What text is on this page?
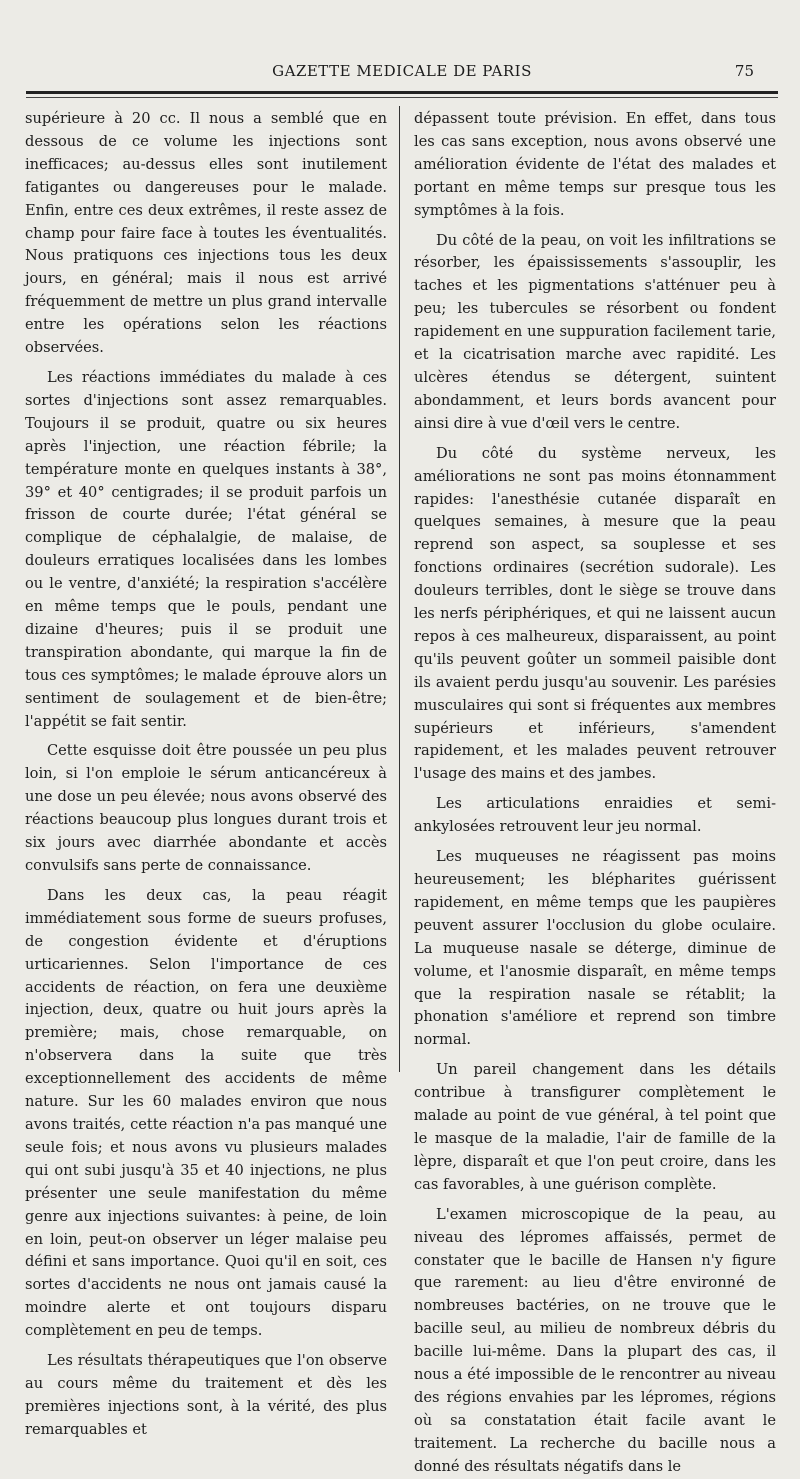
GAZETTE MEDICALE DE PARIS	75

supérieure à 20 cc. Il nous a semblé que en dessous de ce volume les injections sont inefficaces; au-dessus elles sont inutilement fatigantes ou dangereuses pour le malade. Enfin, entre ces deux extrêmes, il reste assez de champ pour faire face à toutes les éventualités. Nous pratiquons ces injections tous les deux jours, en général; mais il nous est arrivé fréquemment de mettre un plus grand intervalle entre les opérations selon les réactions observées.

Les réactions immédiates du malade à ces sortes d'injections sont assez remarquables. Toujours il se produit, quatre ou six heures après l'injection, une réaction fébrile; la température monte en quelques instants à 38°, 39° et 40° centigrades; il se produit parfois un frisson de courte durée; l'état général se complique de céphalalgie, de malaise, de douleurs erratiques localisées dans les lombes ou le ventre, d'anxiété; la respiration s'accélère en même temps que le pouls, pendant une dizaine d'heures; puis il se produit une transpiration abondante, qui marque la fin de tous ces symptômes; le malade éprouve alors un sentiment de soulagement et de bien-être; l'appétit se fait sentir.

Cette esquisse doit être poussée un peu plus loin, si l'on emploie le sérum anticancéreux à une dose un peu élevée; nous avons observé des réactions beaucoup plus longues durant trois et six jours avec diarrhée abondante et accès convulsifs sans perte de connaissance.

Dans les deux cas, la peau réagit immédiatement sous forme de sueurs profuses, de congestion évidente et d'éruptions urticariennes. Selon l'importance de ces accidents de réaction, on fera une deuxième injection, deux, quatre ou huit jours après la première; mais, chose remarquable, on n'observera dans la suite que très exceptionnellement des accidents de même nature. Sur les 60 malades environ que nous avons traités, cette réaction n'a pas manqué une seule fois; et nous avons vu plusieurs malades qui ont subi jusqu'à 35 et 40 injections, ne plus présenter une seule manifestation du même genre aux injections suivantes: à peine, de loin en loin, peut-on observer un léger malaise peu défini et sans importance. Quoi qu'il en soit, ces sortes d'accidents ne nous ont jamais causé la moindre alerte et ont toujours disparu complètement en peu de temps.

Les résultats thérapeutiques que l'on observe au cours même du traitement et dès les premières injections sont, à la vérité, des plus remarquables et

dépassent toute prévision. En effet, dans tous les cas sans exception, nous avons observé une amélioration évidente de l'état des malades et portant en même temps sur presque tous les symptômes à la fois.

Du côté de la peau, on voit les infiltrations se résorber, les épaississements s'assouplir, les taches et les pigmentations s'atténuer peu à peu; les tubercules se résorbent ou fondent rapidement en une suppuration facilement tarie, et la cicatrisation marche avec rapidité. Les ulcères étendus se détergent, suintent abondamment, et leurs bords avancent pour ainsi dire à vue d'œil vers le centre.

Du côté du système nerveux, les améliorations ne sont pas moins étonnamment rapides: l'anesthésie cutanée disparaît en quelques semaines, à mesure que la peau reprend son aspect, sa souplesse et ses fonctions ordinaires (secrétion sudorale). Les douleurs terribles, dont le siège se trouve dans les nerfs périphériques, et qui ne laissent aucun repos à ces malheureux, disparaissent, au point qu'ils peuvent goûter un sommeil paisible dont ils avaient perdu jusqu'au souvenir. Les parésies musculaires qui sont si fréquentes aux membres supérieurs et inférieurs, s'amendent rapidement, et les malades peuvent retrouver l'usage des mains et des jambes.

Les articulations enraidies et semi-ankylosées retrouvent leur jeu normal.

Les muqueuses ne réagissent pas moins heureusement; les blépharites guérissent rapidement, en même temps que les paupières peuvent assurer l'occlusion du globe oculaire. La muqueuse nasale se déterge, diminue de volume, et l'anosmie disparaît, en même temps que la respiration nasale se rétablit; la phonation s'améliore et reprend son timbre normal.

Un pareil changement dans les détails contribue à transfigurer complètement le malade au point de vue général, à tel point que le masque de la maladie, l'air de famille de la lèpre, disparaît et que l'on peut croire, dans les cas favorables, à une guérison complète.

L'examen microscopique de la peau, au niveau des lépromes affaissés, permet de constater que le bacille de Hansen n'y figure que rarement: au lieu d'être environné de nombreuses bactéries, on ne trouve que le bacille seul, au milieu de nombreux débris du bacille lui-même. Dans la plupart des cas, il nous a été impossible de le rencontrer au niveau des régions envahies par les lépromes, régions où sa constatation était facile avant le traitement. La recherche du bacille nous a donné des résultats négatifs dans le
